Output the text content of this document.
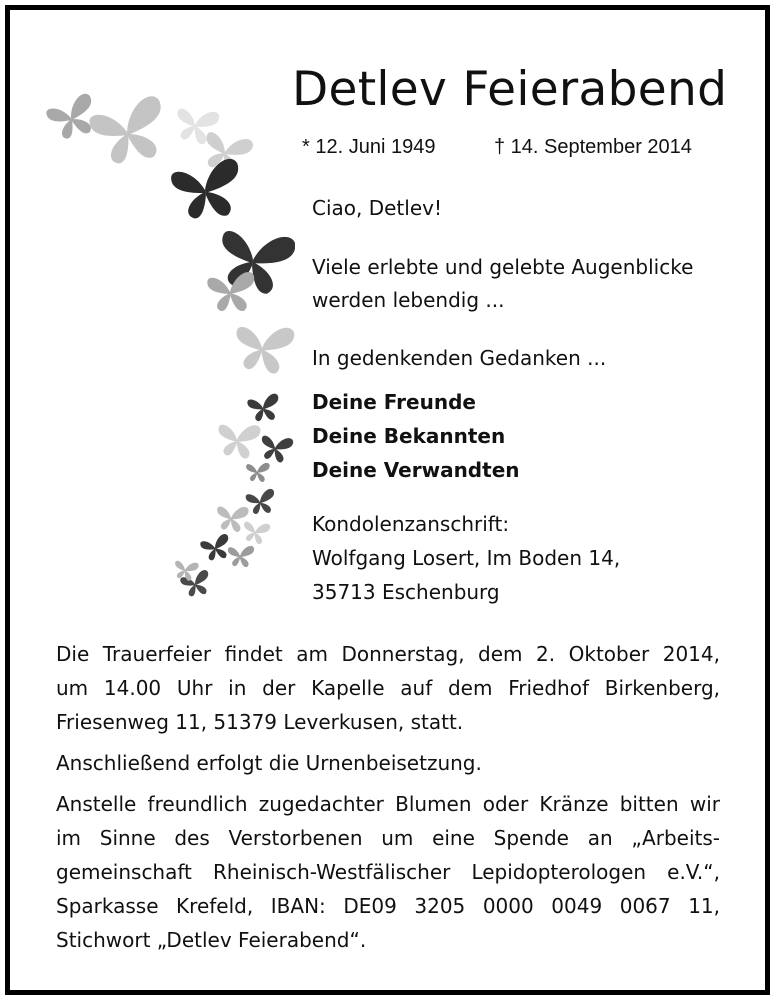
Detlev Feierabend
* 12. Juni 1949	† 14. September 2014
Ciao, Detlev!
Viele erlebte und gelebte Augenblicke
werden lebendig ...
In gedenkenden Gedanken ...
Deine Freunde
Deine Bekannten
Deine Verwandten
Kondolenzanschrift:
Wolfgang Losert, Im Boden 14,
35713 Eschenburg
Die Trauerfeier findet am Donnerstag, dem 2. Oktober 2014,
um 14.00 Uhr in der Kapelle auf dem Friedhof Birkenberg,
Friesenweg 11, 51379 Leverkusen, statt.
Anschließend erfolgt die Urnenbeisetzung.
Anstelle freundlich zugedachter Blumen oder Kränze bitten wir
im Sinne des Verstorbenen um eine Spende an „Arbeits-
gemeinschaft Rheinisch-Westfälischer Lepidopterologen e.V.“,
Sparkasse Krefeld, IBAN: DE09 3205 0000 0049 0067 11,
Stichwort „Detlev Feierabend“.
